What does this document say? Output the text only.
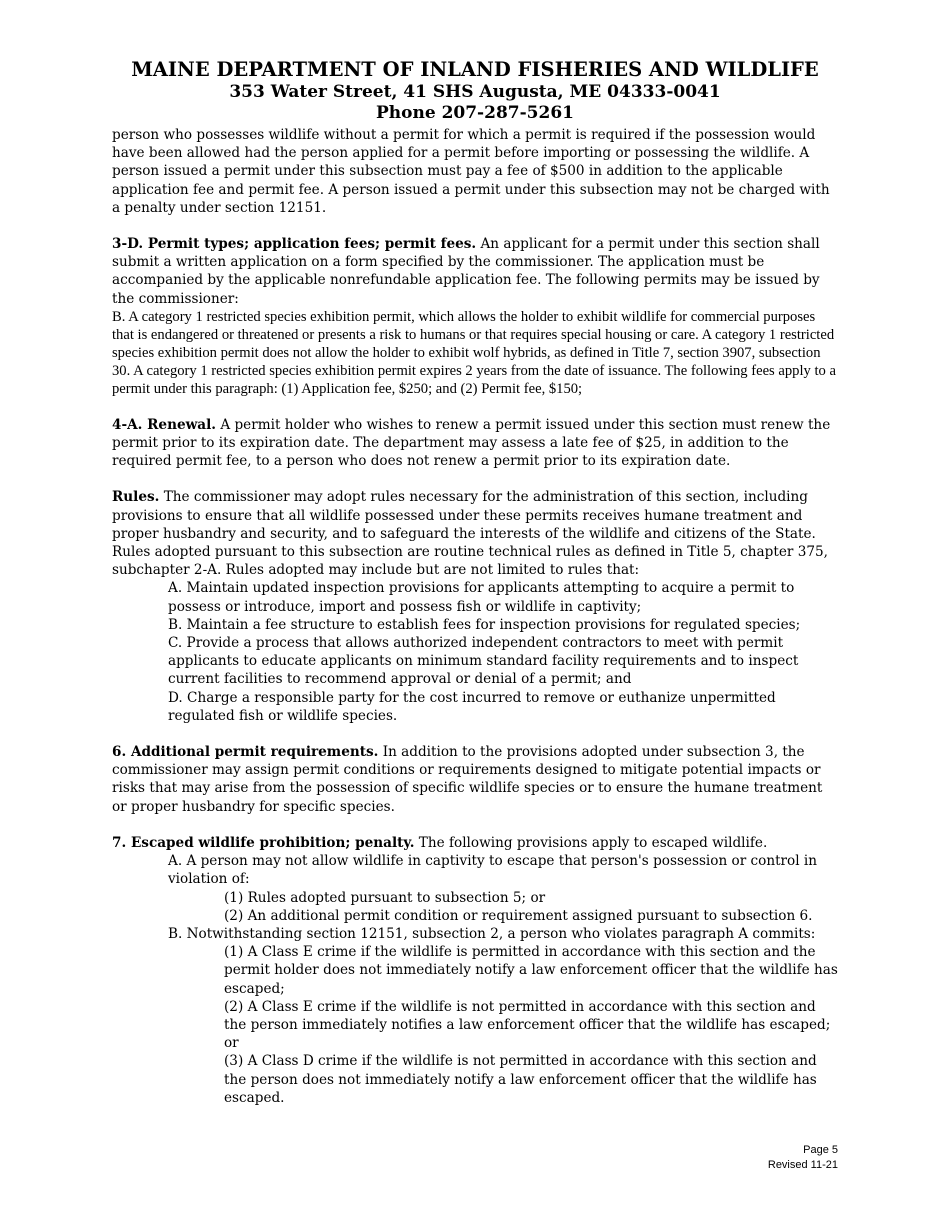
MAINE DEPARTMENT OF INLAND FISHERIES AND WILDLIFE
353 Water Street, 41 SHS Augusta, ME 04333-0041
Phone 207-287-5261

person who possesses wildlife without a permit for which a permit is required if the possession would have been allowed had the person applied for a permit before importing or possessing the wildlife. A person issued a permit under this subsection must pay a fee of $500 in addition to the applicable application fee and permit fee. A person issued a permit under this subsection may not be charged with a penalty under section 12151.

3-D. Permit types; application fees; permit fees. An applicant for a permit under this section shall submit a written application on a form specified by the commissioner. The application must be accompanied by the applicable nonrefundable application fee. The following permits may be issued by the commissioner:

B. A category 1 restricted species exhibition permit, which allows the holder to exhibit wildlife for commercial purposes that is endangered or threatened or presents a risk to humans or that requires special housing or care. A category 1 restricted species exhibition permit does not allow the holder to exhibit wolf hybrids, as defined in Title 7, section 3907, subsection 30. A category 1 restricted species exhibition permit expires 2 years from the date of issuance. The following fees apply to a permit under this paragraph: (1) Application fee, $250; and (2) Permit fee, $150;

4-A. Renewal. A permit holder who wishes to renew a permit issued under this section must renew the permit prior to its expiration date. The department may assess a late fee of $25, in addition to the required permit fee, to a person who does not renew a permit prior to its expiration date.

Rules. The commissioner may adopt rules necessary for the administration of this section, including provisions to ensure that all wildlife possessed under these permits receives humane treatment and proper husbandry and security, and to safeguard the interests of the wildlife and citizens of the State. Rules adopted pursuant to this subsection are routine technical rules as defined in Title 5, chapter 375, subchapter 2-A. Rules adopted may include but are not limited to rules that:

A. Maintain updated inspection provisions for applicants attempting to acquire a permit to possess or introduce, import and possess fish or wildlife in captivity;

B. Maintain a fee structure to establish fees for inspection provisions for regulated species;

C. Provide a process that allows authorized independent contractors to meet with permit applicants to educate applicants on minimum standard facility requirements and to inspect current facilities to recommend approval or denial of a permit; and

D. Charge a responsible party for the cost incurred to remove or euthanize unpermitted regulated fish or wildlife species.

6. Additional permit requirements. In addition to the provisions adopted under subsection 3, the commissioner may assign permit conditions or requirements designed to mitigate potential impacts or risks that may arise from the possession of specific wildlife species or to ensure the humane treatment or proper husbandry for specific species.

7. Escaped wildlife prohibition; penalty. The following provisions apply to escaped wildlife.

A. A person may not allow wildlife in captivity to escape that person's possession or control in violation of:

(1) Rules adopted pursuant to subsection 5; or

(2) An additional permit condition or requirement assigned pursuant to subsection 6.

B. Notwithstanding section 12151, subsection 2, a person who violates paragraph A commits:

(1) A Class E crime if the wildlife is permitted in accordance with this section and the permit holder does not immediately notify a law enforcement officer that the wildlife has escaped;

(2) A Class E crime if the wildlife is not permitted in accordance with this section and the person immediately notifies a law enforcement officer that the wildlife has escaped; or

(3) A Class D crime if the wildlife is not permitted in accordance with this section and the person does not immediately notify a law enforcement officer that the wildlife has escaped.

Page 5
Revised 11-21
